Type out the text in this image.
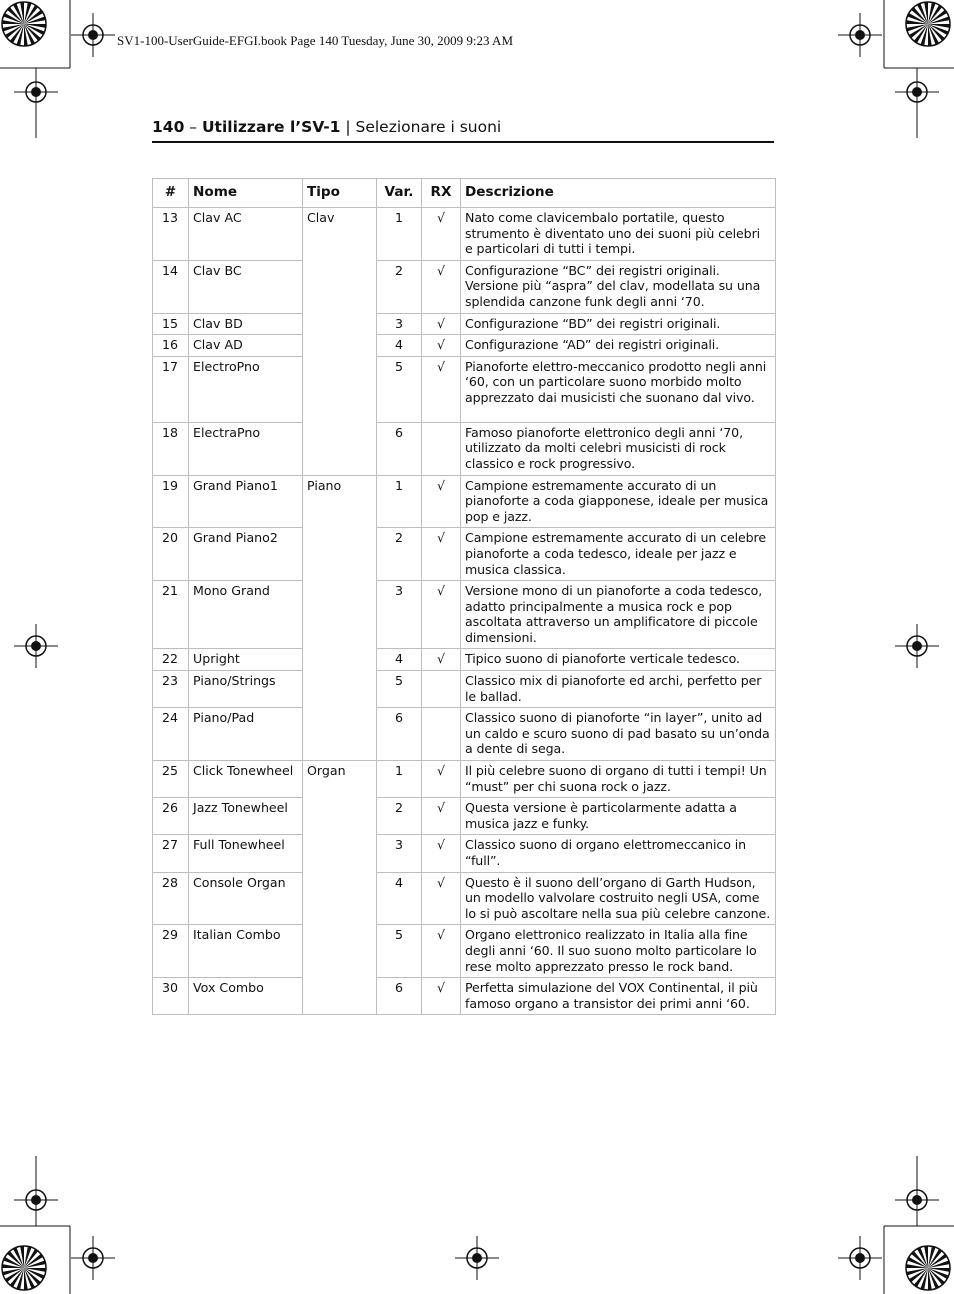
SV1-100-UserGuide-EFGI.book Page 140 Tuesday, June 30, 2009 9:23 AM
140 – Utilizzare l’SV-1 | Selezionare i suoni
#	Nome	Tipo	Var.	RX	Descrizione
13	Clav AC	Clav	1	√	Nato come clavicembalo portatile, questo strumento è diventato uno dei suoni più celebri e particolari di tutti i tempi.
14	Clav BC		2	√	Configurazione “BC” dei registri originali. Versione più “aspra” del clav, modellata su una splendida canzone funk degli anni ‘70.
15	Clav BD		3	√	Configurazione “BD” dei registri originali.
16	Clav AD		4	√	Configurazione “AD” dei registri originali.
17	ElectroPno		5	√	Pianoforte elettro-meccanico prodotto negli anni ‘60, con un particolare suono morbido molto apprezzato dai musicisti che suonano dal vivo.
18	ElectraPno		6		Famoso pianoforte elettronico degli anni ‘70, utilizzato da molti celebri musicisti di rock classico e rock progressivo.
19	Grand Piano1	Piano	1	√	Campione estremamente accurato di un pianoforte a coda giapponese, ideale per musica pop e jazz.
20	Grand Piano2		2	√	Campione estremamente accurato di un celebre pianoforte a coda tedesco, ideale per jazz e musica classica.
21	Mono Grand		3	√	Versione mono di un pianoforte a coda tedesco, adatto principalmente a musica rock e pop ascoltata attraverso un amplificatore di piccole dimensioni.
22	Upright		4	√	Tipico suono di pianoforte verticale tedesco.
23	Piano/Strings		5		Classico mix di pianoforte ed archi, perfetto per le ballad.
24	Piano/Pad		6		Classico suono di pianoforte “in layer”, unito ad un caldo e scuro suono di pad basato su un’onda a dente di sega.
25	Click Tonewheel	Organ	1	√	Il più celebre suono di organo di tutti i tempi! Un “must” per chi suona rock o jazz.
26	Jazz Tonewheel		2	√	Questa versione è particolarmente adatta a musica jazz e funky.
27	Full Tonewheel		3	√	Classico suono di organo elettromeccanico in “full”.
28	Console Organ		4	√	Questo è il suono dell’organo di Garth Hudson, un modello valvolare costruito negli USA, come lo si può ascoltare nella sua più celebre canzone.
29	Italian Combo		5	√	Organo elettronico realizzato in Italia alla fine degli anni ‘60. Il suo suono molto particolare lo rese molto apprezzato presso le rock band.
30	Vox Combo		6	√	Perfetta simulazione del VOX Continental, il più famoso organo a transistor dei primi anni ‘60.
